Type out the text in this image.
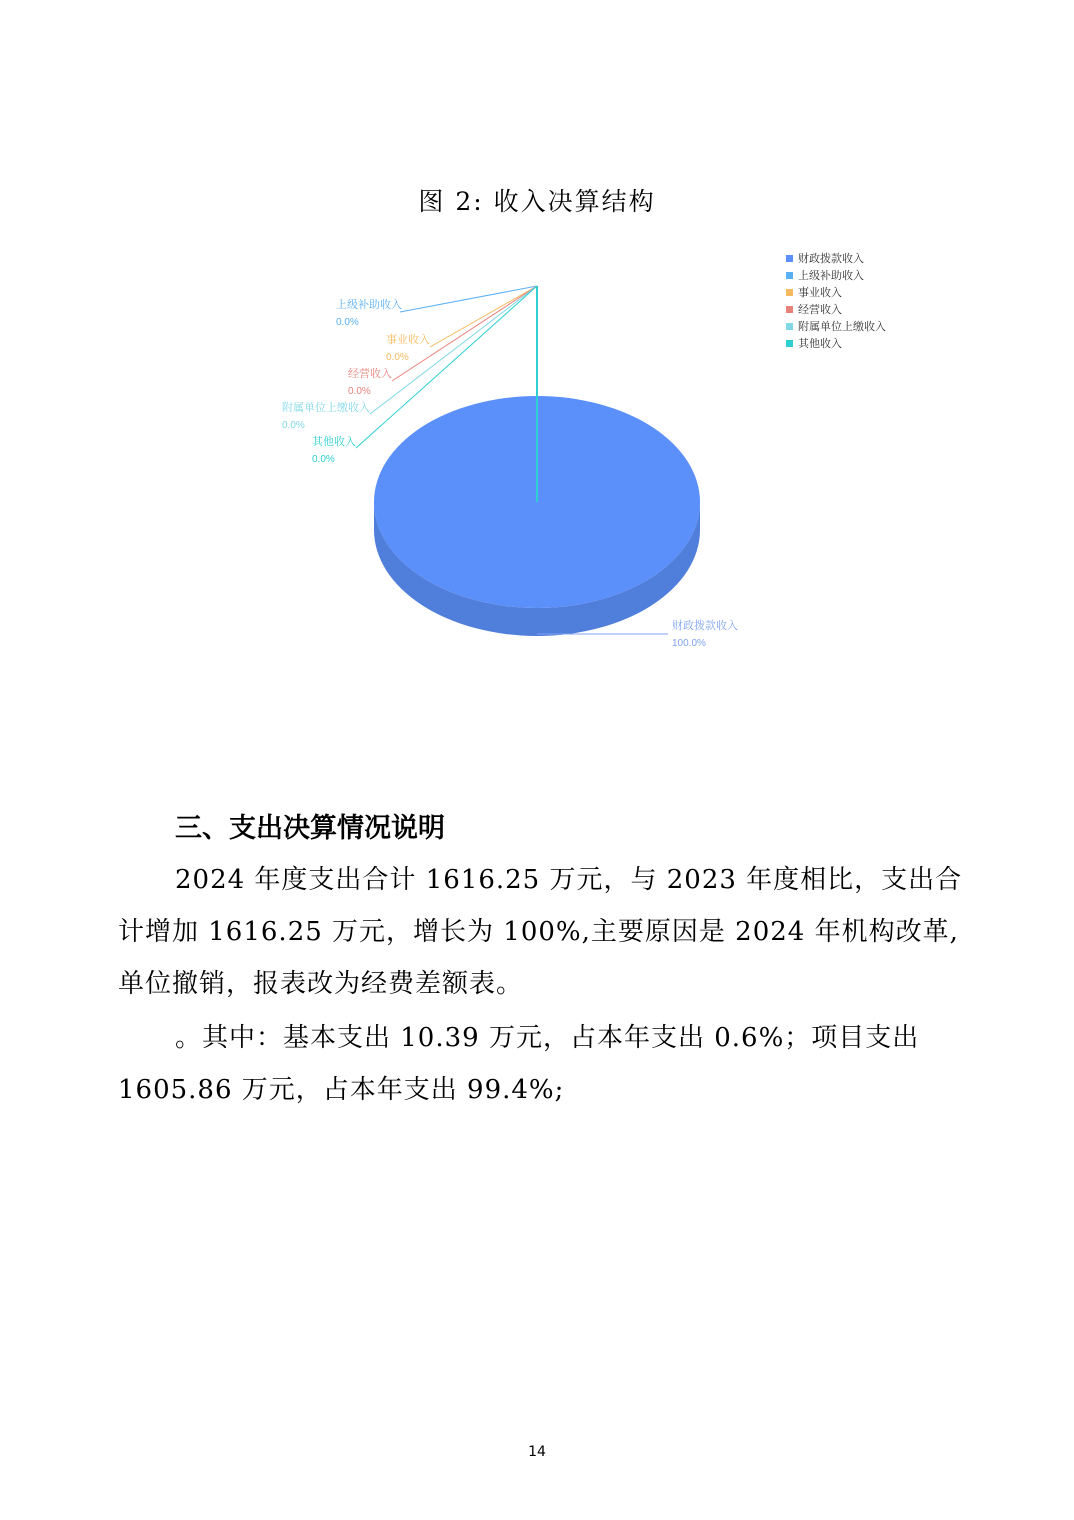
图 2: 收入决算结构
财政拨款收入
100.0%
上级补助收入
0.0%
事业收入
0.0%
经营收入
0.0%
附属单位上缴收入
0.0%
其他收入
0.0%
财政拨款收入
上级补助收入
事业收入
经营收入
附属单位上缴收入
其他收入
三、支出决算情况说明
2024 年度支出合计 1616.25 万元，与 2023 年度相比，支出合
计增加 1616.25 万元，增长为 100%,主要原因是 2024 年机构改革,
单位撤销，报表改为经费差额表。
。其中：基本支出 10.39 万元，占本年支出 0.6%；项目支出
1605.86 万元，占本年支出 99.4%;
14
